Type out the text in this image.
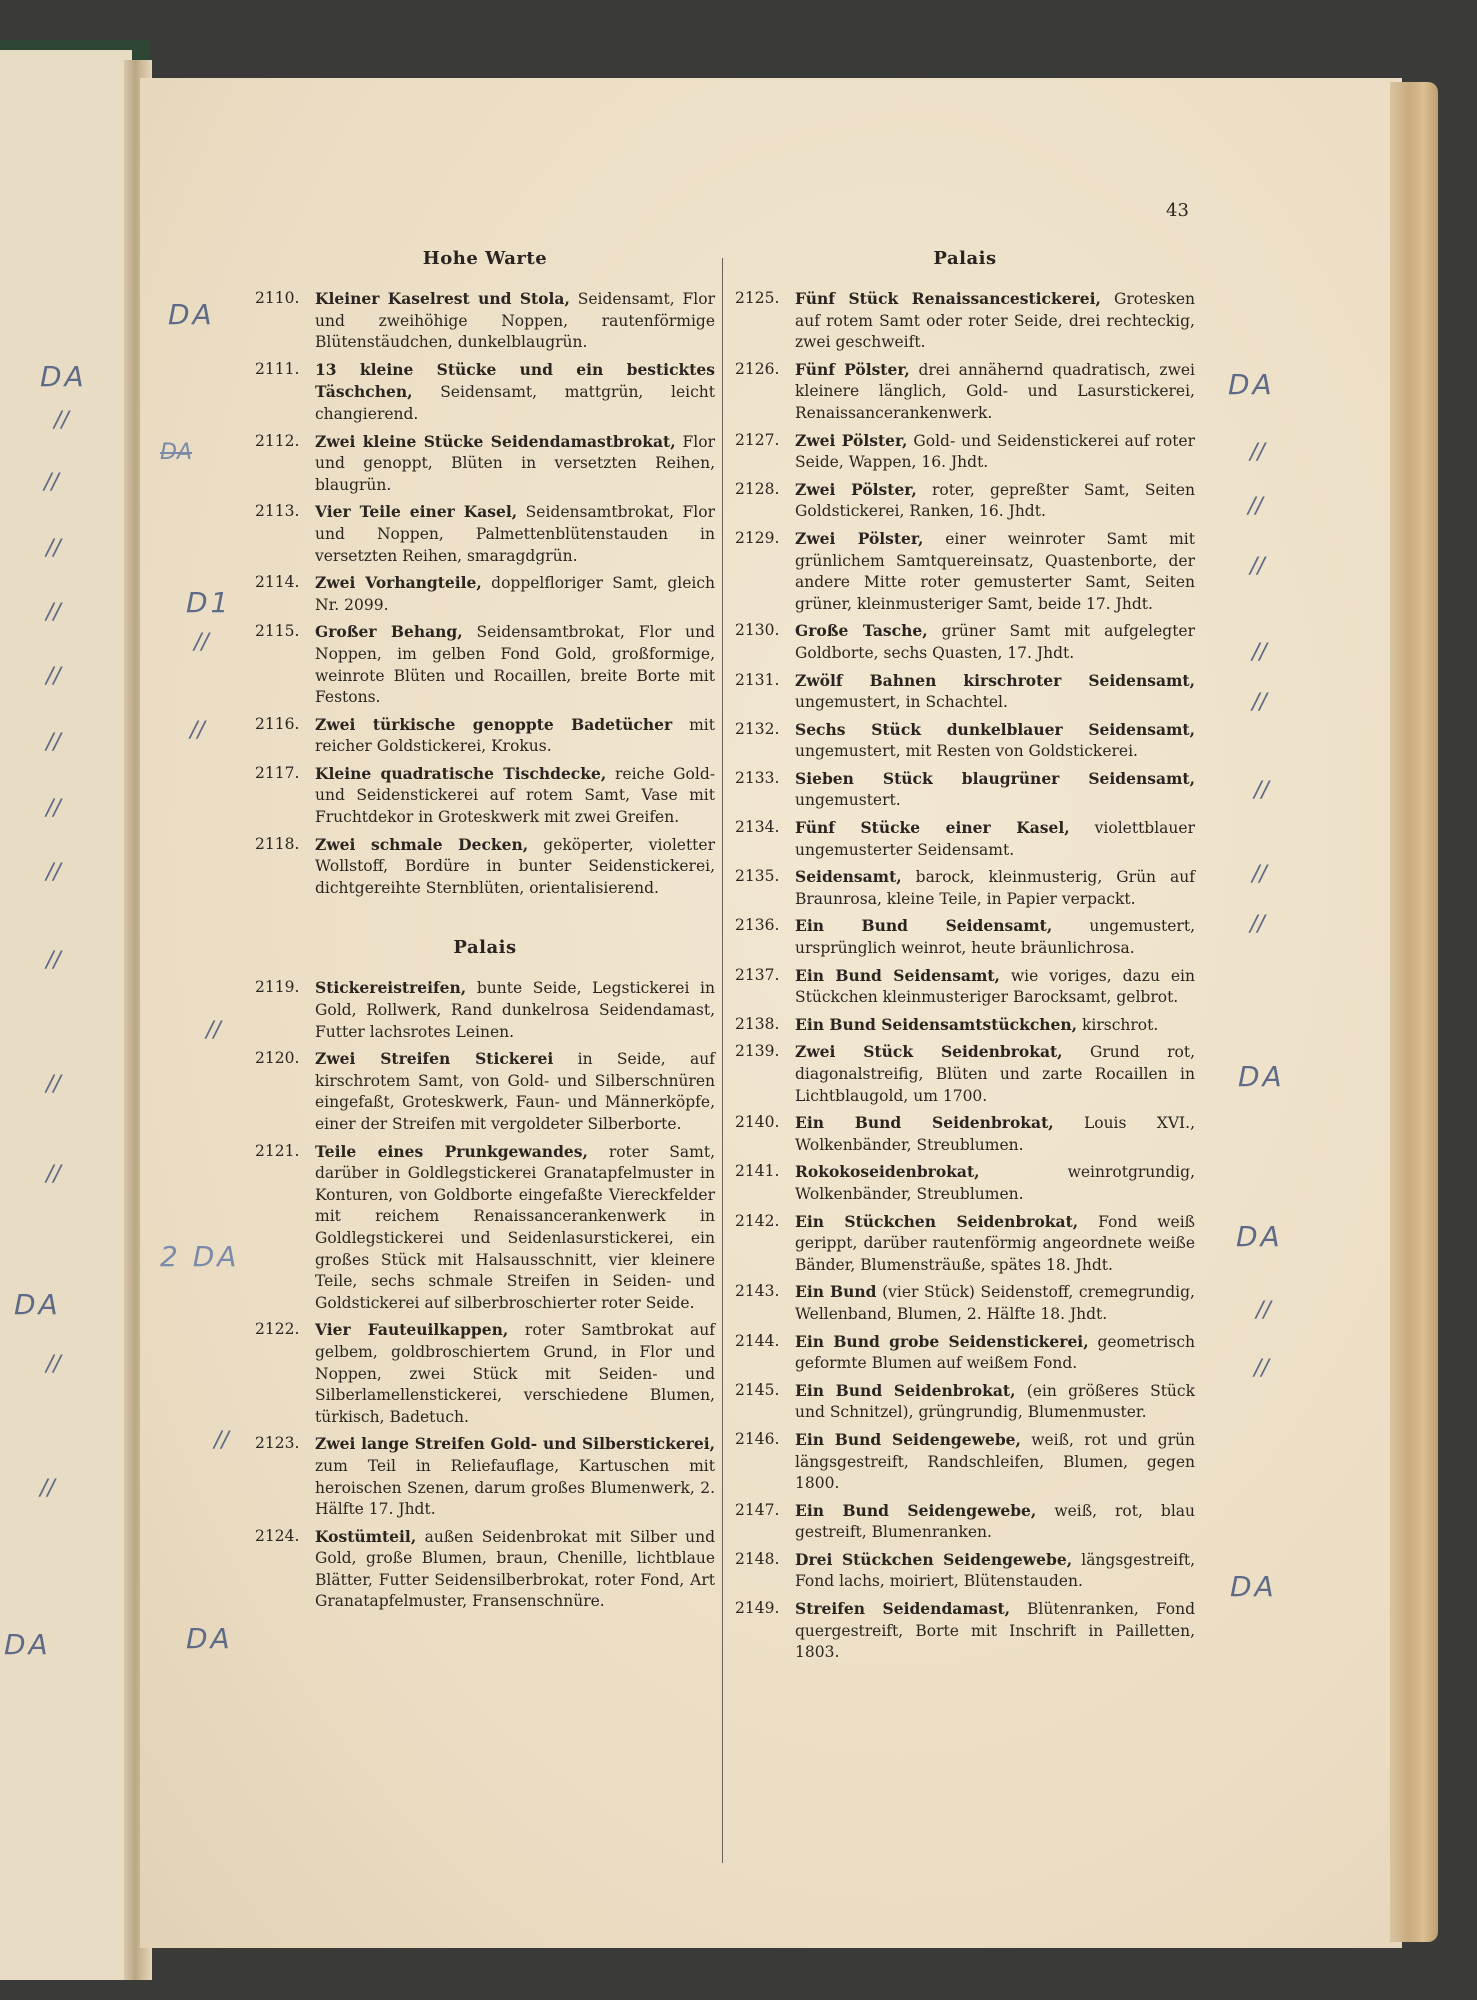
43
Hohe Warte
2110. Kleiner Kaselrest und Stola, Seidensamt, Flor und zweihöhige Noppen, rautenförmige Blütenstäudchen, dunkelblaugrün.
2111. 13 kleine Stücke und ein besticktes Täschchen, Seidensamt, mattgrün, leicht changierend.
2112. Zwei kleine Stücke Seidendamastbrokat, Flor und genoppt, Blüten in versetzten Reihen, blaugrün.
2113. Vier Teile einer Kasel, Seidensamtbrokat, Flor und Noppen, Palmettenblütenstauden in versetzten Reihen, smaragdgrün.
2114. Zwei Vorhangteile, doppelfloriger Samt, gleich Nr. 2099.
2115. Großer Behang, Seidensamtbrokat, Flor und Noppen, im gelben Fond Gold, großformige, weinrote Blüten und Rocaillen, breite Borte mit Festons.
2116. Zwei türkische genoppte Badetücher mit reicher Goldstickerei, Krokus.
2117. Kleine quadratische Tischdecke, reiche Gold- und Seidenstickerei auf rotem Samt, Vase mit Fruchtdekor in Groteskwerk mit zwei Greifen.
2118. Zwei schmale Decken, geköperter, violetter Wollstoff, Bordüre in bunter Seidenstickerei, dichtgereihte Sternblüten, orientalisierend.
Palais
2119. Stickereistreifen, bunte Seide, Legstickerei in Gold, Rollwerk, Rand dunkelrosa Seidendamast, Futter lachsrotes Leinen.
2120. Zwei Streifen Stickerei in Seide, auf kirschrotem Samt, von Gold- und Silberschnüren eingefaßt, Groteskwerk, Faun- und Männerköpfe, einer der Streifen mit vergoldeter Silberborte.
2121. Teile eines Prunkgewandes, roter Samt, darüber in Goldlegstickerei Granatapfelmuster in Konturen, von Goldborte eingefaßte Viereckfelder mit reichem Renaissancerankenwerk in Goldlegstickerei und Seidenlasurstickerei, ein großes Stück mit Halsausschnitt, vier kleinere Teile, sechs schmale Streifen in Seiden- und Goldstickerei auf silberbroschierter roter Seide.
2122. Vier Fauteuilkappen, roter Samtbrokat auf gelbem, goldbroschiertem Grund, in Flor und Noppen, zwei Stück mit Seiden- und Silberlamellenstickerei, verschiedene Blumen, türkisch, Badetuch.
2123. Zwei lange Streifen Gold- und Silberstickerei, zum Teil in Reliefauflage, Kartuschen mit heroischen Szenen, darum großes Blumenwerk, 2. Hälfte 17. Jhdt.
2124. Kostümteil, außen Seidenbrokat mit Silber und Gold, große Blumen, braun, Chenille, lichtblaue Blätter, Futter Seidensilberbrokat, roter Fond, Art Granatapfelmuster, Fransenschnüre.
Palais
2125. Fünf Stück Renaissancestickerei, Grotesken auf rotem Samt oder roter Seide, drei rechteckig, zwei geschweift.
2126. Fünf Pölster, drei annähernd quadratisch, zwei kleinere länglich, Gold- und Lasurstickerei, Renaissancerankenwerk.
2127. Zwei Pölster, Gold- und Seidenstickerei auf roter Seide, Wappen, 16. Jhdt.
2128. Zwei Pölster, roter, gepreßter Samt, Seiten Goldstickerei, Ranken, 16. Jhdt.
2129. Zwei Pölster, einer weinroter Samt mit grünlichem Samtquereinsatz, Quastenborte, der andere Mitte roter gemusterter Samt, Seiten grüner, kleinmusteriger Samt, beide 17. Jhdt.
2130. Große Tasche, grüner Samt mit aufgelegter Goldborte, sechs Quasten, 17. Jhdt.
2131. Zwölf Bahnen kirschroter Seidensamt, ungemustert, in Schachtel.
2132. Sechs Stück dunkelblauer Seidensamt, ungemustert, mit Resten von Goldstickerei.
2133. Sieben Stück blaugrüner Seidensamt, ungemustert.
2134. Fünf Stücke einer Kasel, violettblauer ungemusterter Seidensamt.
2135. Seidensamt, barock, kleinmusterig, Grün auf Braunrosa, kleine Teile, in Papier verpackt.
2136. Ein Bund Seidensamt, ungemustert, ursprünglich weinrot, heute bräunlichrosa.
2137. Ein Bund Seidensamt, wie voriges, dazu ein Stückchen kleinmusteriger Barocksamt, gelbrot.
2138. Ein Bund Seidensamtstückchen, kirschrot.
2139. Zwei Stück Seidenbrokat, Grund rot, diagonalstreifig, Blüten und zarte Rocaillen in Lichtblaugold, um 1700.
2140. Ein Bund Seidenbrokat, Louis XVI., Wolkenbänder, Streublumen.
2141. Rokokoseidenbrokat, weinrotgrundig, Wolkenbänder, Streublumen.
2142. Ein Stückchen Seidenbrokat, Fond weiß gerippt, darüber rautenförmig angeordnete weiße Bänder, Blumensträuße, spätes 18. Jhdt.
2143. Ein Bund (vier Stück) Seidenstoff, cremegrundig, Wellenband, Blumen, 2. Hälfte 18. Jhdt.
2144. Ein Bund grobe Seidenstickerei, geometrisch geformte Blumen auf weißem Fond.
2145. Ein Bund Seidenbrokat, (ein größeres Stück und Schnitzel), grüngrundig, Blumenmuster.
2146. Ein Bund Seidengewebe, weiß, rot und grün längsgestreift, Randschleifen, Blumen, gegen 1800.
2147. Ein Bund Seidengewebe, weiß, rot, blau gestreift, Blumenranken.
2148. Drei Stückchen Seidengewebe, längsgestreift, Fond lachs, moiriert, Blütenstauden.
2149. Streifen Seidendamast, Blütenranken, Fond quergestreift, Borte mit Inschrift in Pailletten, 1803.
DA
DA
//
DA
//
//
D1
//
//
//
//
//
//
//
//
//
//
//
2 DA
DA
//
//
//
DA
DA
DA
//
//
//
//
//
//
//
//
DA
DA
//
//
DA
